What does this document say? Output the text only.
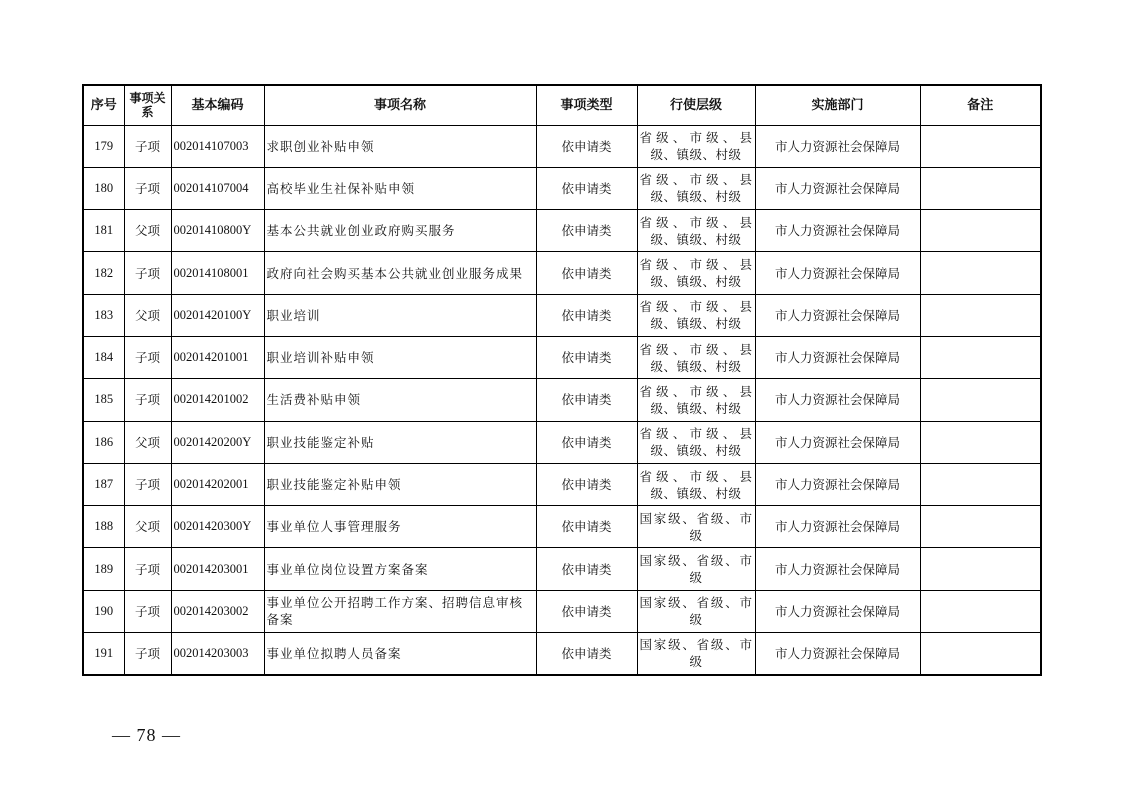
序号	事项关系	基本编码	事项名称	事项类型	行使层级	实施部门	备注
179	子项	002014107003	求职创业补贴申领	依申请类	省级、市级、县级、镇级、村级	市人力资源社会保障局	
180	子项	002014107004	高校毕业生社保补贴申领	依申请类	省级、市级、县级、镇级、村级	市人力资源社会保障局	
181	父项	00201410800Y	基本公共就业创业政府购买服务	依申请类	省级、市级、县级、镇级、村级	市人力资源社会保障局	
182	子项	002014108001	政府向社会购买基本公共就业创业服务成果	依申请类	省级、市级、县级、镇级、村级	市人力资源社会保障局	
183	父项	00201420100Y	职业培训	依申请类	省级、市级、县级、镇级、村级	市人力资源社会保障局	
184	子项	002014201001	职业培训补贴申领	依申请类	省级、市级、县级、镇级、村级	市人力资源社会保障局	
185	子项	002014201002	生活费补贴申领	依申请类	省级、市级、县级、镇级、村级	市人力资源社会保障局	
186	父项	00201420200Y	职业技能鉴定补贴	依申请类	省级、市级、县级、镇级、村级	市人力资源社会保障局	
187	子项	002014202001	职业技能鉴定补贴申领	依申请类	省级、市级、县级、镇级、村级	市人力资源社会保障局	
188	父项	00201420300Y	事业单位人事管理服务	依申请类	国家级、省级、市级	市人力资源社会保障局	
189	子项	002014203001	事业单位岗位设置方案备案	依申请类	国家级、省级、市级	市人力资源社会保障局	
190	子项	002014203002	事业单位公开招聘工作方案、招聘信息审核备案	依申请类	国家级、省级、市级	市人力资源社会保障局	
191	子项	002014203003	事业单位拟聘人员备案	依申请类	国家级、省级、市级	市人力资源社会保障局	
— 78 —
